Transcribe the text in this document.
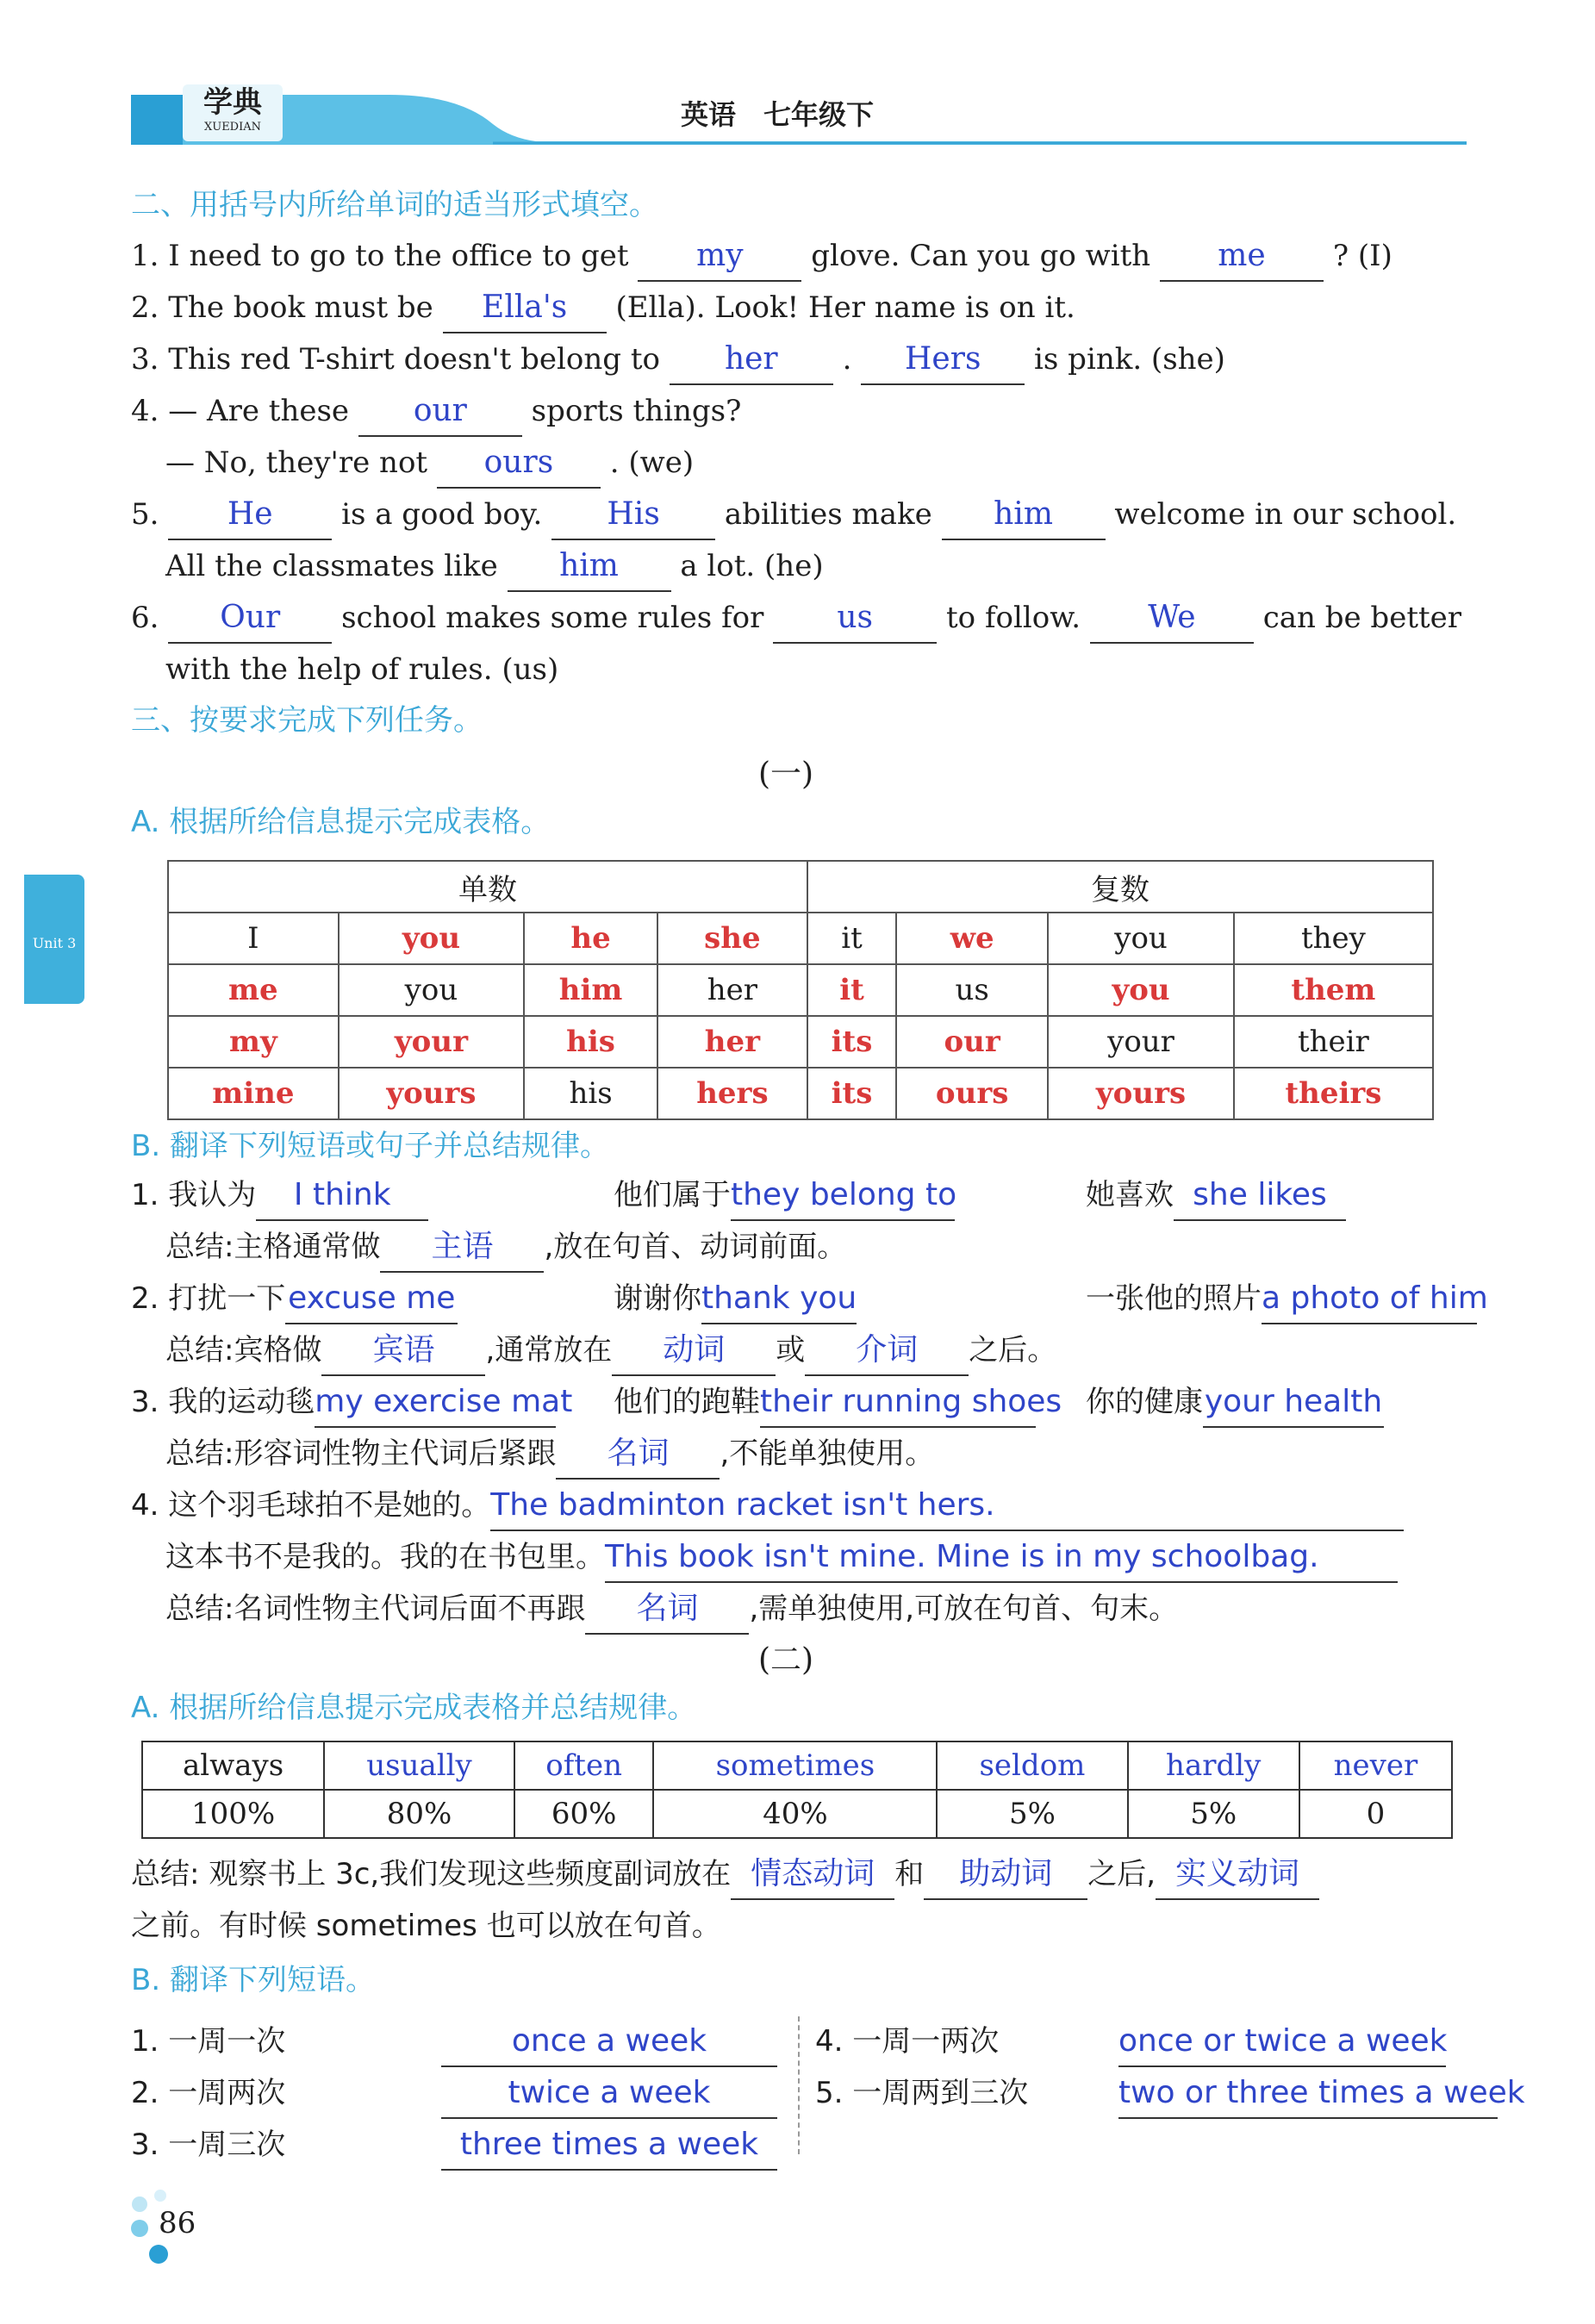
学典
XUEDIAN	英语　七年级下
Unit 3
二、用括号内所给单词的适当形式填空。
1. I need to go to the office to get my glove. Can you go with me ? (I)
2. The book must be Ella's (Ella). Look! Her name is on it.
3. This red T-shirt doesn't belong to her . Hers is pink. (she)
4. — Are these our sports things?
— No, they're not ours . (we)
5. He is a good boy. His abilities make him welcome in our school.
All the classmates like him a lot. (he)
6. Our school makes some rules for us to follow. We can be better
with the help of rules. (us)
三、按要求完成下列任务。
(一)
A. 根据所给信息提示完成表格。
单数				复数			
I	you	he	she	it	we	you	they
me	you	him	her	it	us	you	them
my	your	his	her	its	our	your	their
mine	yours	his	hers	its	ours	yours	theirs
B. 翻译下列短语或句子并总结规律。
1. 我认为 I think	他们属于they belong to	她喜欢 she likes
总结:主格通常做 主语 ,放在句首、动词前面。
2. 打扰一下excuse me	谢谢你thank you	一张他的照片a photo of him
总结:宾格做 宾语 ,通常放在 动词 或 介词 之后。
3. 我的运动毯my exercise mat 他们的跑鞋their running shoes 你的健康your health
总结:形容词性物主代词后紧跟 名词 ,不能单独使用。
4. 这个羽毛球拍不是她的。The badminton racket isn't hers.
这本书不是我的。我的在书包里。This book isn't mine. Mine is in my schoolbag.
总结:名词性物主代词后面不再跟 名词 ,需单独使用,可放在句首、句末。
(二)
A. 根据所给信息提示完成表格并总结规律。
always	usually	often	sometimes	seldom	hardly	never
100%	80%	60%	40%	5%	5%	0
总结: 观察书上 3c,我们发现这些频度副词放在 情态动词 和 助动词 之后, 实义动词
之前。有时候 sometimes 也可以放在句首。
B. 翻译下列短语。
1. 一周一次	once a week
2. 一周两次	twice a week
3. 一周三次	three times a week
4. 一周一两次	once or twice a week
5. 一周两到三次	two or three times a week
86
